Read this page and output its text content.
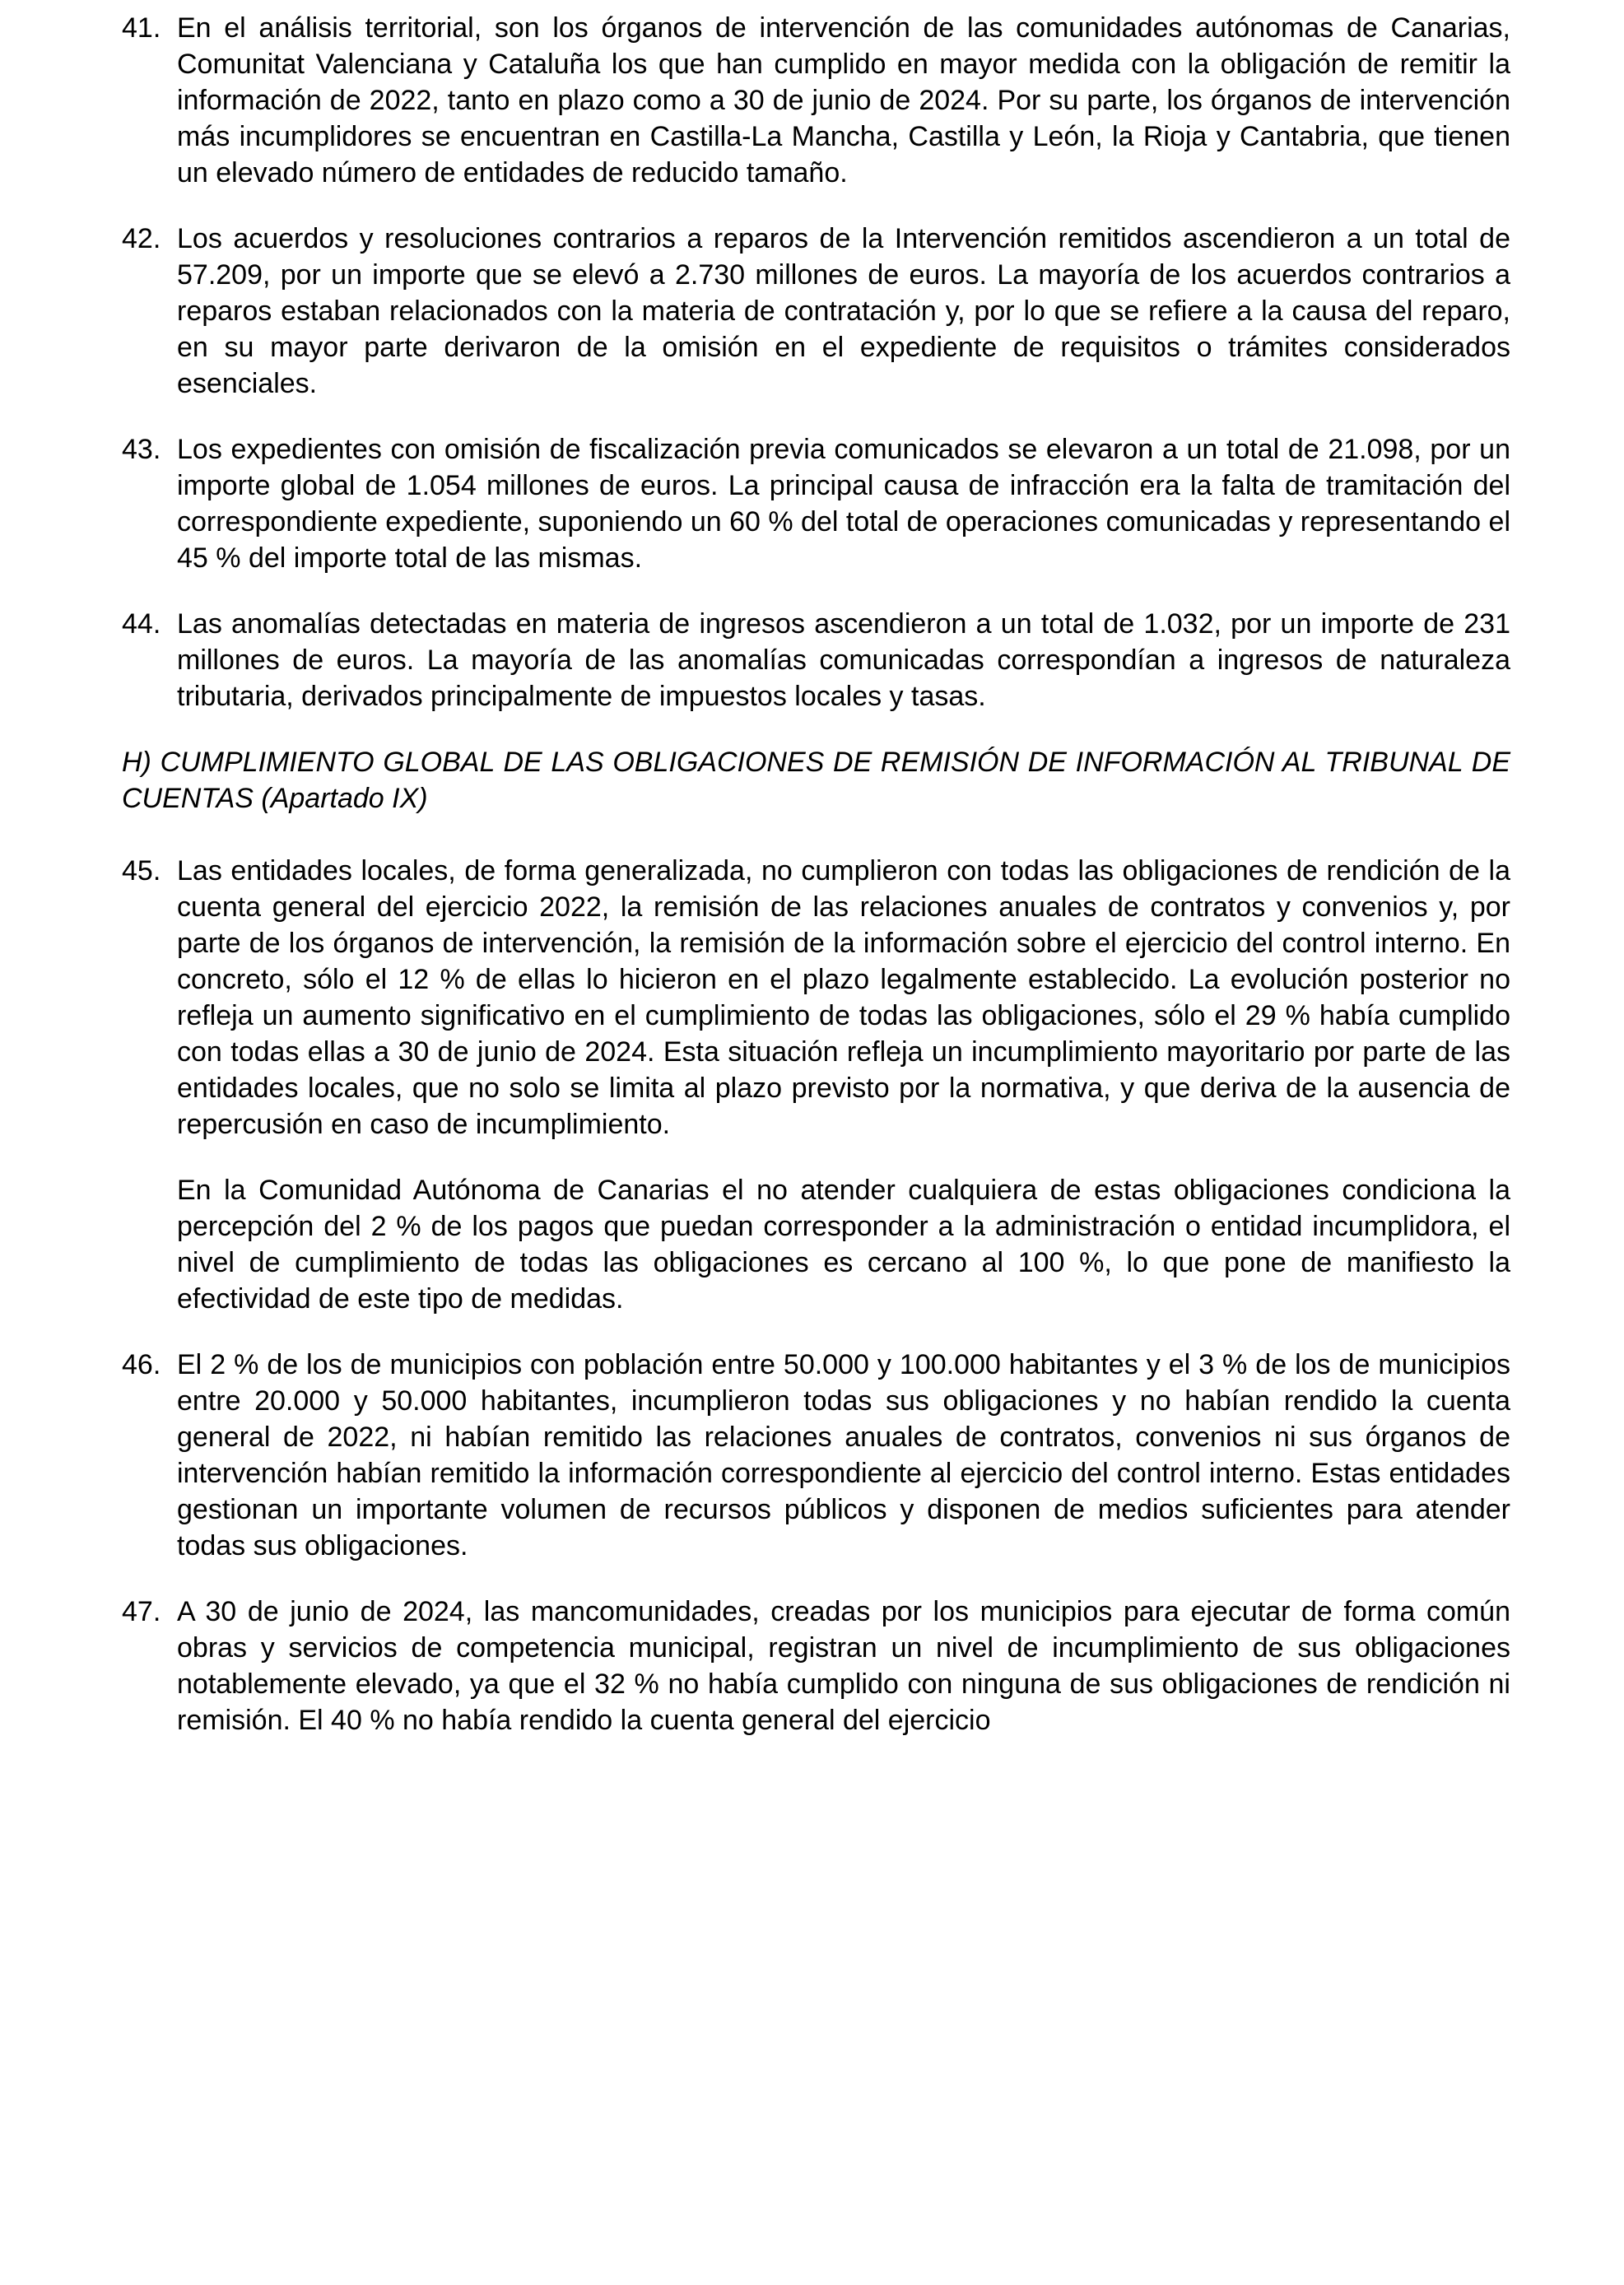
41. En el análisis territorial, son los órganos de intervención de las comunidades autónomas de Canarias, Comunitat Valenciana y Cataluña los que han cumplido en mayor medida con la obligación de remitir la información de 2022, tanto en plazo como a 30 de junio de 2024. Por su parte, los órganos de intervención más incumplidores se encuentran en Castilla-La Mancha, Castilla y León, la Rioja y Cantabria, que tienen un elevado número de entidades de reducido tamaño.

42. Los acuerdos y resoluciones contrarios a reparos de la Intervención remitidos ascendieron a un total de 57.209, por un importe que se elevó a 2.730 millones de euros. La mayoría de los acuerdos contrarios a reparos estaban relacionados con la materia de contratación y, por lo que se refiere a la causa del reparo, en su mayor parte derivaron de la omisión en el expediente de requisitos o trámites considerados esenciales.

43. Los expedientes con omisión de fiscalización previa comunicados se elevaron a un total de 21.098, por un importe global de 1.054 millones de euros. La principal causa de infracción era la falta de tramitación del correspondiente expediente, suponiendo un 60 % del total de operaciones comunicadas y representando el 45 % del importe total de las mismas.

44. Las anomalías detectadas en materia de ingresos ascendieron a un total de 1.032, por un importe de 231 millones de euros. La mayoría de las anomalías comunicadas correspondían a ingresos de naturaleza tributaria, derivados principalmente de impuestos locales y tasas.

H) CUMPLIMIENTO GLOBAL DE LAS OBLIGACIONES DE REMISIÓN DE INFORMACIÓN AL TRIBUNAL DE CUENTAS (Apartado IX)

45. Las entidades locales, de forma generalizada, no cumplieron con todas las obligaciones de rendición de la cuenta general del ejercicio 2022, la remisión de las relaciones anuales de contratos y convenios y, por parte de los órganos de intervención, la remisión de la información sobre el ejercicio del control interno. En concreto, sólo el 12 % de ellas lo hicieron en el plazo legalmente establecido. La evolución posterior no refleja un aumento significativo en el cumplimiento de todas las obligaciones, sólo el 29 % había cumplido con todas ellas a 30 de junio de 2024. Esta situación refleja un incumplimiento mayoritario por parte de las entidades locales, que no solo se limita al plazo previsto por la normativa, y que deriva de la ausencia de repercusión en caso de incumplimiento.

En la Comunidad Autónoma de Canarias el no atender cualquiera de estas obligaciones condiciona la percepción del 2 % de los pagos que puedan corresponder a la administración o entidad incumplidora, el nivel de cumplimiento de todas las obligaciones es cercano al 100 %, lo que pone de manifiesto la efectividad de este tipo de medidas.

46. El 2 % de los de municipios con población entre 50.000 y 100.000 habitantes y el 3 % de los de municipios entre 20.000 y 50.000 habitantes, incumplieron todas sus obligaciones y no habían rendido la cuenta general de 2022, ni habían remitido las relaciones anuales de contratos, convenios ni sus órganos de intervención habían remitido la información correspondiente al ejercicio del control interno. Estas entidades gestionan un importante volumen de recursos públicos y disponen de medios suficientes para atender todas sus obligaciones.

47. A 30 de junio de 2024, las mancomunidades, creadas por los municipios para ejecutar de forma común obras y servicios de competencia municipal, registran un nivel de incumplimiento de sus obligaciones notablemente elevado, ya que el 32 % no había cumplido con ninguna de sus obligaciones de rendición ni remisión. El 40 % no había rendido la cuenta general del ejercicio
